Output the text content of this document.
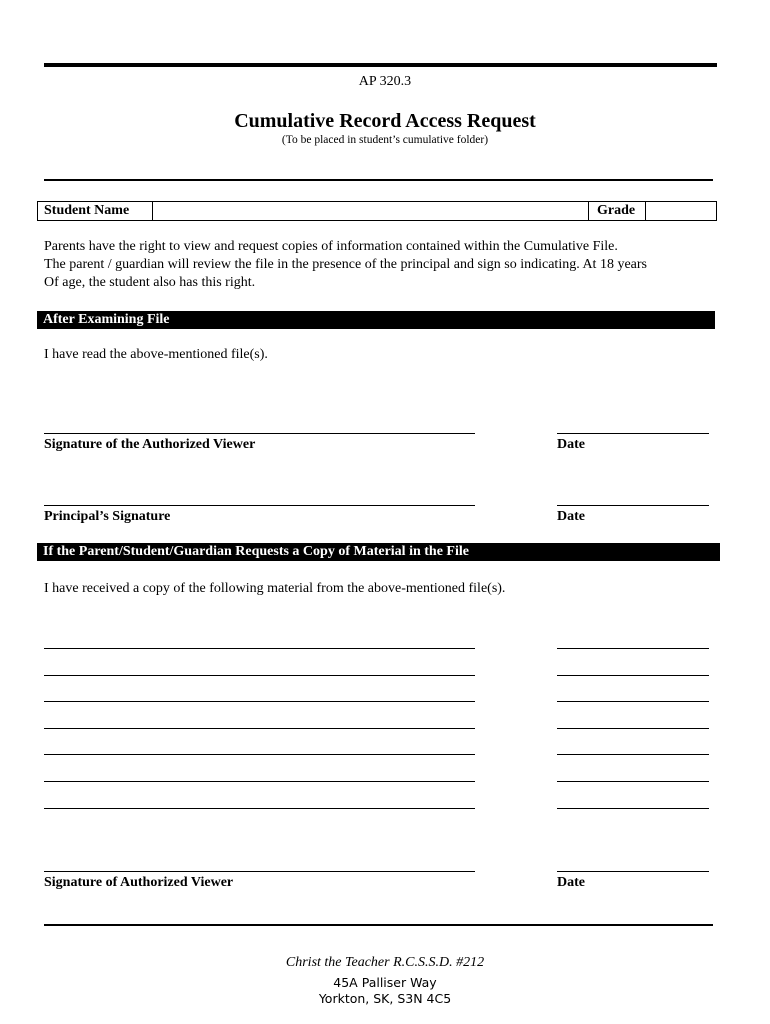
AP 320.3
Cumulative Record Access Request
(To be placed in student’s cumulative folder)
Student Name	Grade
Parents have the right to view and request copies of information contained within the Cumulative File.
The parent / guardian will review the file in the presence of the principal and sign so indicating. At 18 years
Of age, the student also has this right.
After Examining File
I have read the above-mentioned file(s).
Signature of the Authorized Viewer	Date
Principal’s Signature	Date
If the Parent/Student/Guardian Requests a Copy of Material in the File
I have received a copy of the following material from the above-mentioned file(s).
Signature of Authorized Viewer	Date
Christ the Teacher R.C.S.S.D. #212
45A Palliser Way
Yorkton, SK, S3N 4C5
